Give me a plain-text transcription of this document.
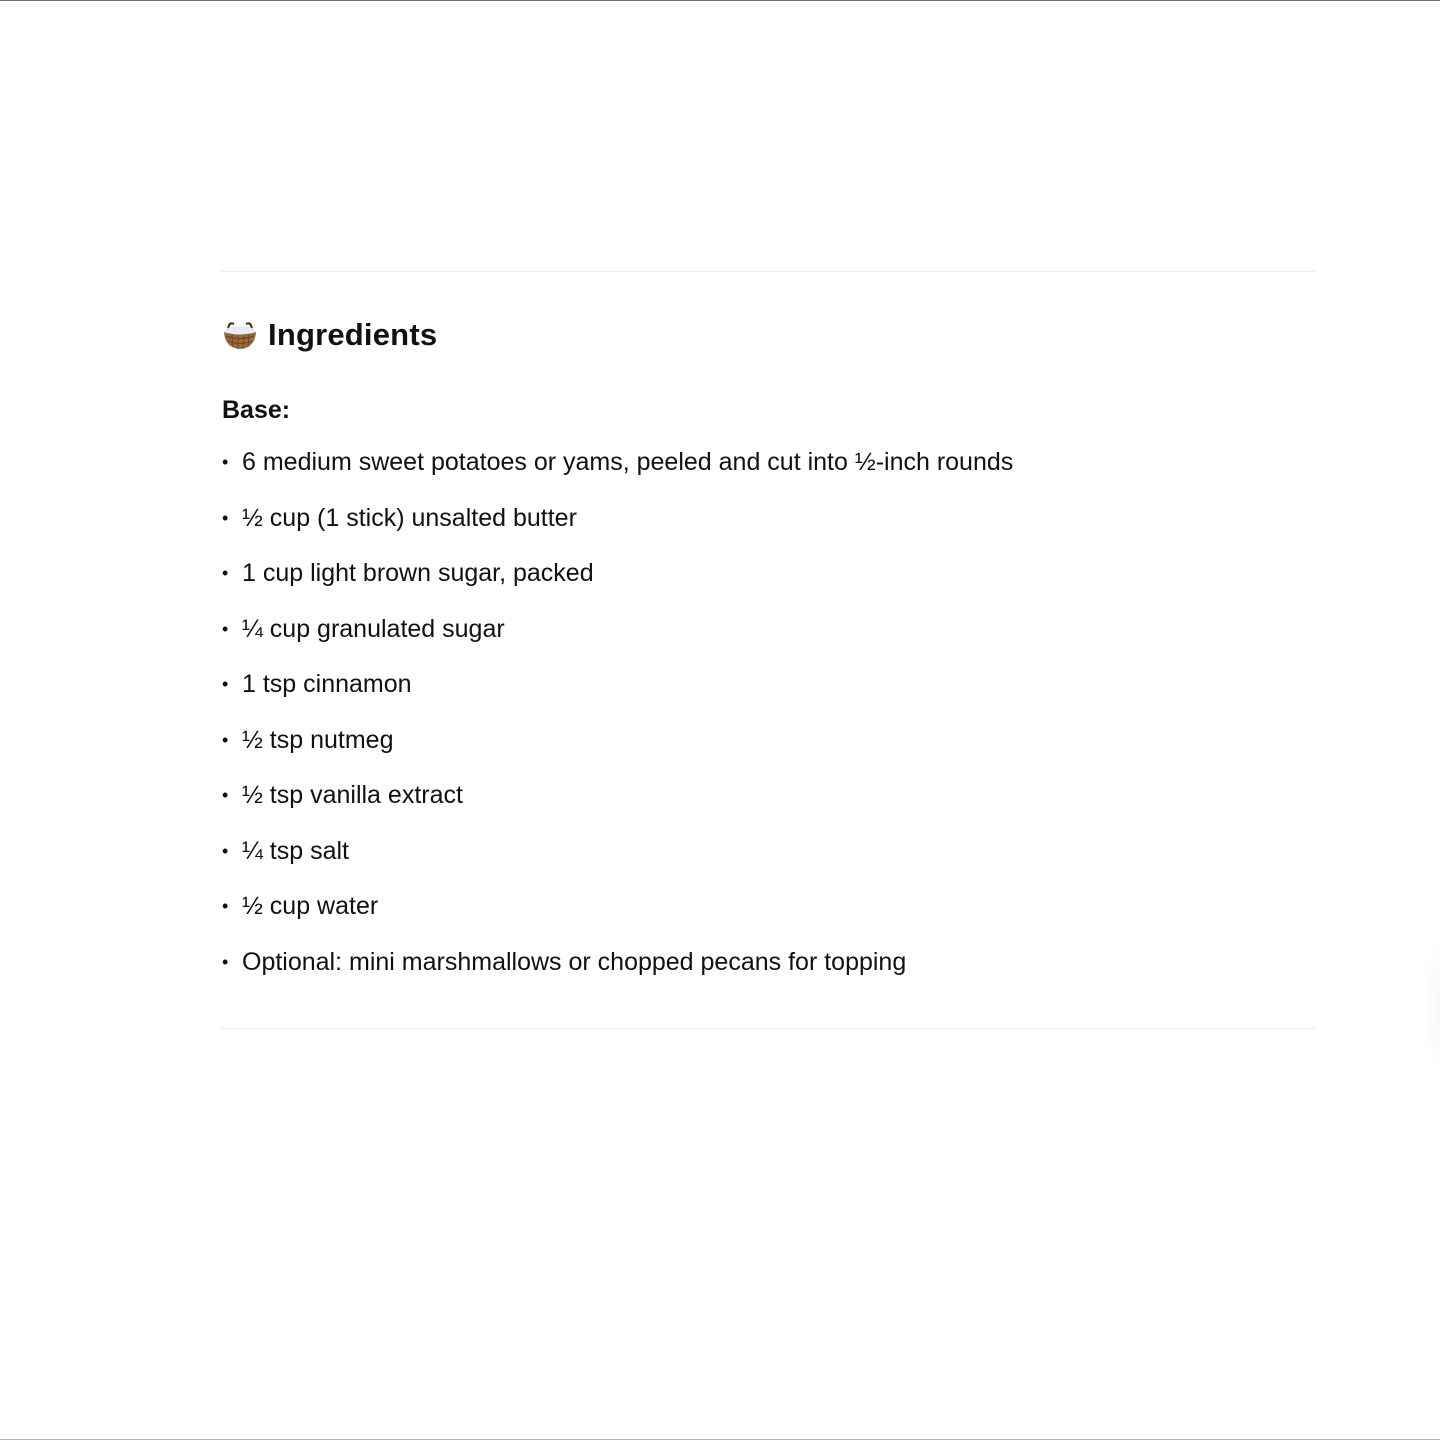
Ingredients
Base:
• 6 medium sweet potatoes or yams, peeled and cut into ½-inch rounds
• ½ cup (1 stick) unsalted butter
• 1 cup light brown sugar, packed
• ¼ cup granulated sugar
• 1 tsp cinnamon
• ½ tsp nutmeg
• ½ tsp vanilla extract
• ¼ tsp salt
• ½ cup water
• Optional: mini marshmallows or chopped pecans for topping
